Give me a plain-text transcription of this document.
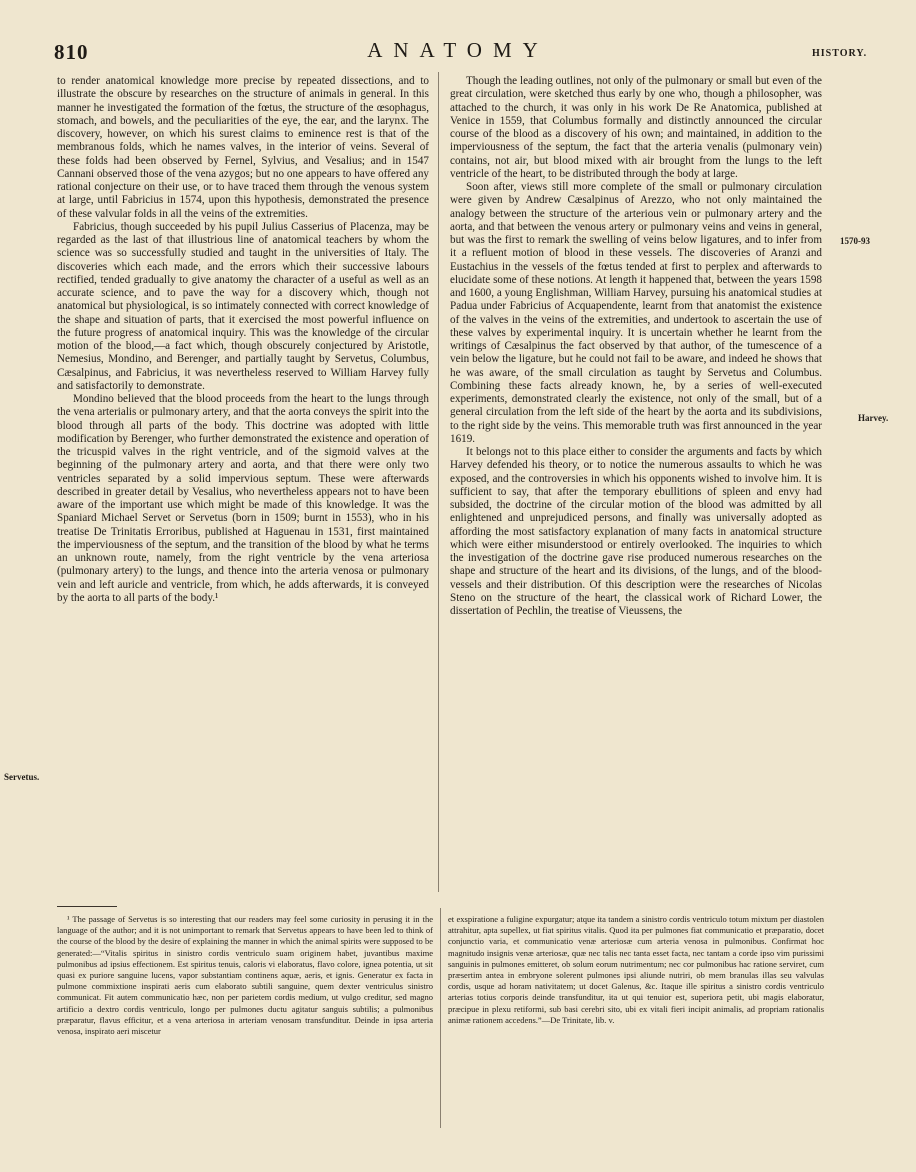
810	ANATOMY	HISTORY.

to render anatomical knowledge more precise by repeated dissections, and to illustrate the obscure by researches on the structure of animals in general. In this manner he investigated the formation of the fœtus, the structure of the œsophagus, stomach, and bowels, and the peculiarities of the eye, the ear, and the larynx. The discovery, however, on which his surest claims to eminence rest is that of the membranous folds, which he names valves, in the interior of veins. Several of these folds had been observed by Fernel, Sylvius, and Vesalius; and in 1547 Cannani observed those of the vena azygos; but no one appears to have offered any rational conjecture on their use, or to have traced them through the venous system at large, until Fabricius in 1574, upon this hypothesis, demonstrated the presence of these valvular folds in all the veins of the extremities.

Fabricius, though succeeded by his pupil Julius Casserius of Placenza, may be regarded as the last of that illustrious line of anatomical teachers by whom the science was so successfully studied and taught in the universities of Italy. The discoveries which each made, and the errors which their successive labours rectified, tended gradually to give anatomy the character of a useful as well as an accurate science, and to pave the way for a discovery which, though not anatomical but physiological, is so intimately connected with correct knowledge of the shape and situation of parts, that it exercised the most powerful influence on the future progress of anatomical inquiry. This was the knowledge of the circular motion of the blood,—a fact which, though obscurely conjectured by Aristotle, Nemesius, Mondino, and Berenger, and partially taught by Servetus, Columbus, Cæsalpinus, and Fabricius, it was nevertheless reserved to William Harvey fully and satisfactorily to demonstrate.

Mondino believed that the blood proceeds from the heart to the lungs through the vena arterialis or pulmonary artery, and that the aorta conveys the spirit into the blood through all parts of the body. This doctrine was adopted with little modification by Berenger, who further demonstrated the existence and operation of the tricuspid valves in the right ventricle, and of the sigmoid valves at the beginning of the pulmonary artery and aorta, and that there were only two ventricles separated by a solid impervious septum. These were afterwards described in greater detail by Vesalius, who nevertheless appears not to have been aware of the important use which might be made of this knowledge. It was the Spaniard Michael Servet or Servetus (born in 1509; burnt in 1553), who in his treatise De Trinitatis Erroribus, published at Haguenau in 1531, first maintained the imperviousness of the septum, and the transition of the blood by what he terms an unknown route, namely, from the right ventricle by the vena arteriosa (pulmonary artery) to the lungs, and thence into the arteria venosa or pulmonary vein and left auricle and ventricle, from which, he adds afterwards, it is conveyed by the aorta to all parts of the body.¹

Though the leading outlines, not only of the pulmonary or small but even of the great circulation, were sketched thus early by one who, though a philosopher, was attached to the church, it was only in his work De Re Anatomica, published at Venice in 1559, that Columbus formally and distinctly announced the circular course of the blood as a discovery of his own; and maintained, in addition to the imperviousness of the septum, the fact that the arteria venalis (pulmonary vein) contains, not air, but blood mixed with air brought from the lungs to the left ventricle of the heart, to be distributed through the body at large.

Soon after, views still more complete of the small or pulmonary circulation were given by Andrew Cæsalpinus of Arezzo, who not only maintained the analogy between the structure of the arterious vein or pulmonary artery and the aorta, and that between the venous artery or pulmonary veins and veins in general, but was the first to remark the swelling of veins below ligatures, and to infer from it a refluent motion of blood in these vessels. The discoveries of Aranzi and Eustachius in the vessels of the fœtus tended at first to perplex and afterwards to elucidate some of these notions. At length it happened that, between the years 1598 and 1600, a young Englishman, William Harvey, pursuing his anatomical studies at Padua under Fabricius of Acquapendente, learnt from that anatomist the existence of the valves in the veins of the extremities, and undertook to ascertain the use of these valves by experimental inquiry. It is uncertain whether he learnt from the writings of Cæsalpinus the fact observed by that author, of the tumescence of a vein below the ligature, but he could not fail to be aware, and indeed he shows that he was aware, of the small circulation as taught by Servetus and Columbus. Combining these facts already known, he, by a series of well-executed experiments, demonstrated clearly the existence, not only of the small, but of a general circulation from the left side of the heart by the aorta and its subdivisions, to the right side by the veins. This memorable truth was first announced in the year 1619.

It belongs not to this place either to consider the arguments and facts by which Harvey defended his theory, or to notice the numerous assaults to which he was exposed, and the controversies in which his opponents wished to involve him. It is sufficient to say, that after the temporary ebullitions of spleen and envy had subsided, the doctrine of the circular motion of the blood was admitted by all enlightened and unprejudiced persons, and finally was universally adopted as affording the most satisfactory explanation of many facts in anatomical structure which were either misunderstood or entirely overlooked. The inquiries to which the investigation of the doctrine gave rise produced numerous researches on the shape and structure of the heart and its divisions, of the lungs, and of the blood-vessels and their distribution. Of this description were the researches of Nicolas Steno on the structure of the heart, the classical work of Richard Lower, the dissertation of Pechlin, the treatise of Vieussens, the

Servetus.
1570-93
Harvey.

¹ The passage of Servetus is so interesting that our readers may feel some curiosity in perusing it in the language of the author; and it is not unimportant to remark that Servetus appears to have been led to think of the course of the blood by the desire of explaining the manner in which the animal spirits were supposed to be generated:—“Vitalis spiritus in sinistro cordis ventriculo suam originem habet, juvantibus maxime pulmonibus ad ipsius effectionem. Est spiritus tenuis, caloris vi elaboratus, flavo colore, ignea potentia, ut sit quasi ex puriore sanguine lucens, vapor substantiam continens aquæ, aeris, et ignis. Generatur ex facta in pulmone commixtione inspirati aeris cum elaborato subtili sanguine, quem dexter ventriculus sinistro communicat. Fit autem communicatio hæc, non per parietem cordis medium, ut vulgo creditur, sed magno artificio a dextro cordis ventriculo, longo per pulmones ductu agitatur sanguis subtilis; a pulmonibus præparatur, flavus efficitur, et a vena arteriosa in arteriam venosam transfunditur. Deinde in ipsa arteria venosa, inspirato aeri miscetur

et exspiratione a fuligine expurgatur; atque ita tandem a sinistro cordis ventriculo totum mixtum per diastolen attrahitur, apta supellex, ut fiat spiritus vitalis. Quod ita per pulmones fiat communicatio et præparatio, docet conjunctio varia, et communicatio venæ arteriosæ cum arteria venosa in pulmonibus. Confirmat hoc magnitudo insignis venæ arteriosæ, quæ nec talis nec tanta esset facta, nec tantam a corde ipso vim purissimi sanguinis in pulmones emitteret, ob solum eorum nutrimentum; nec cor pulmonibus hac ratione serviret, cum præsertim antea in embryone solerent pulmones ipsi aliunde nutriri, ob mem branulas illas seu valvulas cordis, usque ad horam nativitatem; ut docet Galenus, &c. Itaque ille spiritus a sinistro cordis ventriculo arterias totius corporis deinde transfunditur, ita ut qui tenuior est, superiora petit, ubi magis elaboratur, præcipue in plexu retiformi, sub basi cerebri sito, ubi ex vitali fieri incipit animalis, ad propriam rationalis animæ rationem accedens.”—De Trinitate, lib. v.
